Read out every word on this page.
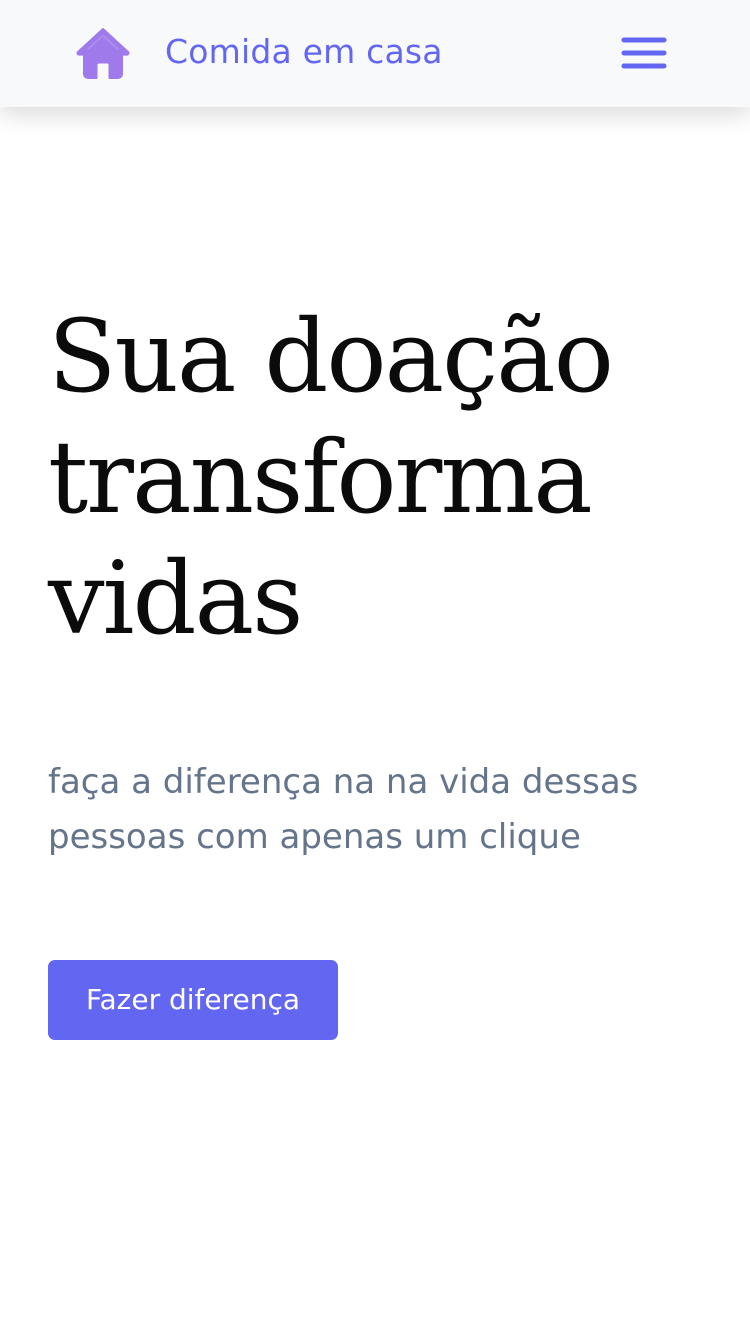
Comida em casa
Sua doação
transforma
vidas

faça a diferença na na vida dessas pessoas com apenas um clique

Fazer diferença
